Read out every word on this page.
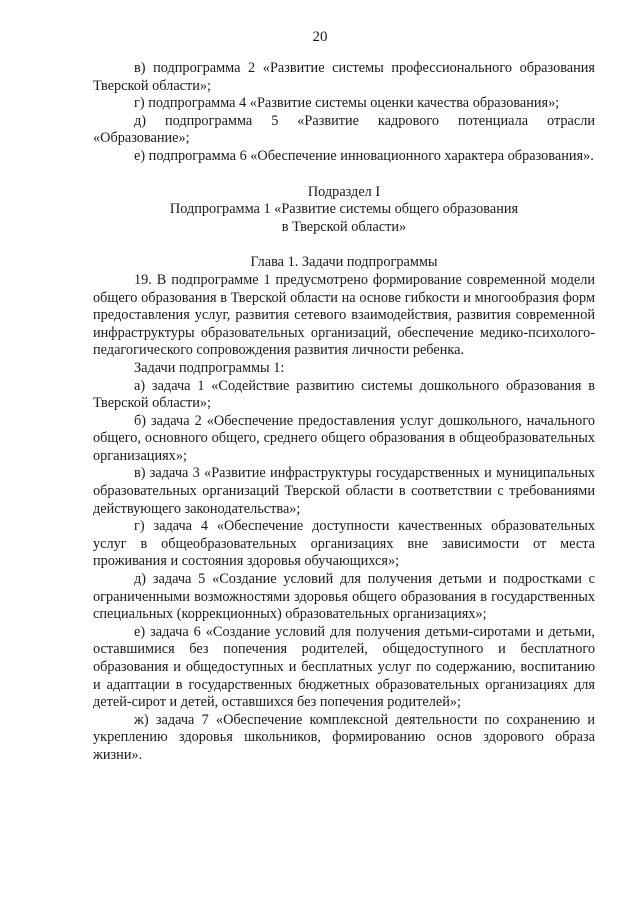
20

в) подпрограмма 2 «Развитие системы профессионального образования Тверской области»;

г) подпрограмма 4 «Развитие системы оценки качества образования»;

д) подпрограмма 5 «Развитие кадрового потенциала отрасли «Образование»;

е) подпрограмма 6 «Обеспечение инновационного характера образования».

Подраздел I

Подпрограмма 1 «Развитие системы общего образования

в Тверской области»

Глава 1. Задачи подпрограммы

19. В подпрограмме 1 предусмотрено формирование современной модели общего образования в Тверской области на основе гибкости и многообразия форм предоставления услуг, развития сетевого взаимодействия, развития современной инфраструктуры образовательных организаций, обеспечение медико-психолого-педагогического сопровождения развития личности ребенка.

Задачи подпрограммы 1:

а) задача 1 «Содействие развитию системы дошкольного образования в Тверской области»;

б) задача 2 «Обеспечение предоставления услуг дошкольного, начального общего, основного общего, среднего общего образования в общеобразовательных организациях»;

в) задача 3 «Развитие инфраструктуры государственных и муниципальных образовательных организаций Тверской области в соответствии с требованиями действующего законодательства»;

г) задача 4 «Обеспечение доступности качественных образовательных услуг в общеобразовательных организациях вне зависимости от места проживания и состояния здоровья обучающихся»;

д) задача 5 «Создание условий для получения детьми и подростками с ограниченными возможностями здоровья общего образования в государственных специальных (коррекционных) образовательных организациях»;

е) задача 6 «Создание условий для получения детьми-сиротами и детьми, оставшимися без попечения родителей, общедоступного и бесплатного образования и общедоступных и бесплатных услуг по содержанию, воспитанию и адаптации в государственных бюджетных образовательных организациях для детей-сирот и детей, оставшихся без попечения родителей»;

ж) задача 7 «Обеспечение комплексной деятельности по сохранению и укреплению здоровья школьников, формированию основ здорового образа жизни».
